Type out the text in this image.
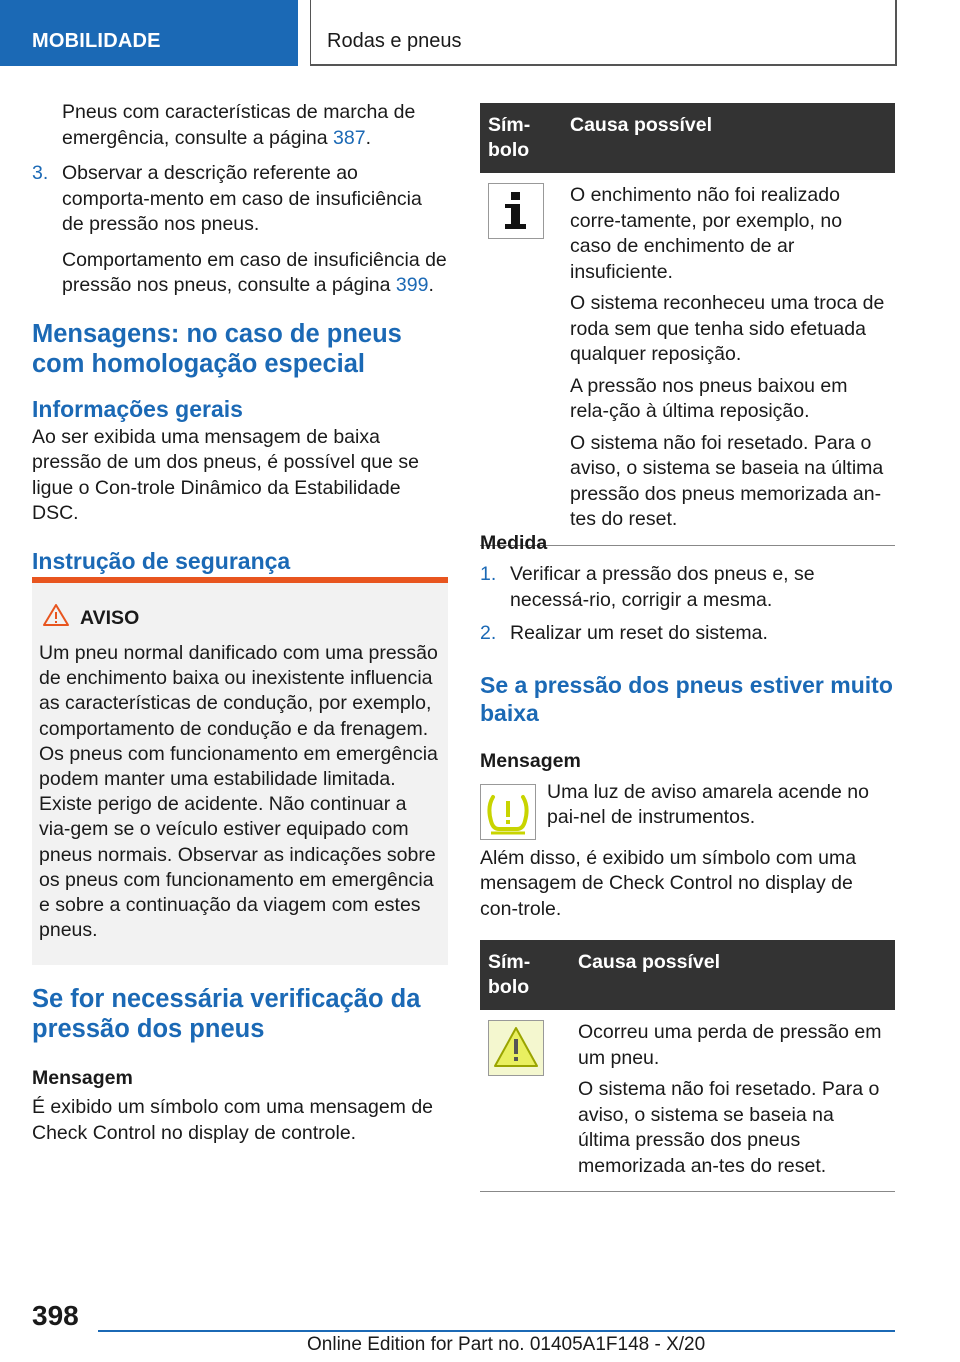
MOBILIDADE	Rodas e pneus

Pneus com características de marcha de emergência, consulte a página 387.

3. Observar a descrição referente ao comporta-mento em caso de insuficiência de pressão nos pneus.

Comportamento em caso de insuficiência de pressão nos pneus, consulte a página 399.

Mensagens: no caso de pneus com homologação especial
Informações gerais

Ao ser exibida uma mensagem de baixa pressão de um dos pneus, é possível que se ligue o Con-trole Dinâmico da Estabilidade DSC.

Instrução de segurança
AVISO
Um pneu normal danificado com uma pressão de enchimento baixa ou inexistente influencia as características de condução, por exemplo, comportamento de condução e da frenagem. Os pneus com funcionamento em emergência podem manter uma estabilidade limitada. Existe perigo de acidente. Não continuar a via-gem se o veículo estiver equipado com pneus normais. Observar as indicações sobre os pneus com funcionamento em emergência e sobre a continuação da viagem com estes pneus.
Se for necessária verificação da pressão dos pneus
Mensagem

É exibido um símbolo com uma mensagem de Check Control no display de controle.

Sím-bolo	Causa possível

O enchimento não foi realizado corre-tamente, por exemplo, no caso de enchimento de ar insuficiente.

O sistema reconheceu uma troca de roda sem que tenha sido efetuada qualquer reposição.

A pressão nos pneus baixou em rela-ção à última reposição.

O sistema não foi resetado. Para o aviso, o sistema se baseia na última pressão dos pneus memorizada an-tes do reset.

Medida
1. Verificar a pressão dos pneus e, se necessá-rio, corrigir a mesma.

2. Realizar um reset do sistema.

Se a pressão dos pneus estiver muito baixa
Mensagem

Uma luz de aviso amarela acende no pai-nel de instrumentos.

Além disso, é exibido um símbolo com uma mensagem de Check Control no display de con-trole.

Sím-bolo	Causa possível

Ocorreu uma perda de pressão em um pneu.

O sistema não foi resetado. Para o aviso, o sistema se baseia na última pressão dos pneus memorizada an-tes do reset.

398
Online Edition for Part no. 01405A1F148 - X/20
